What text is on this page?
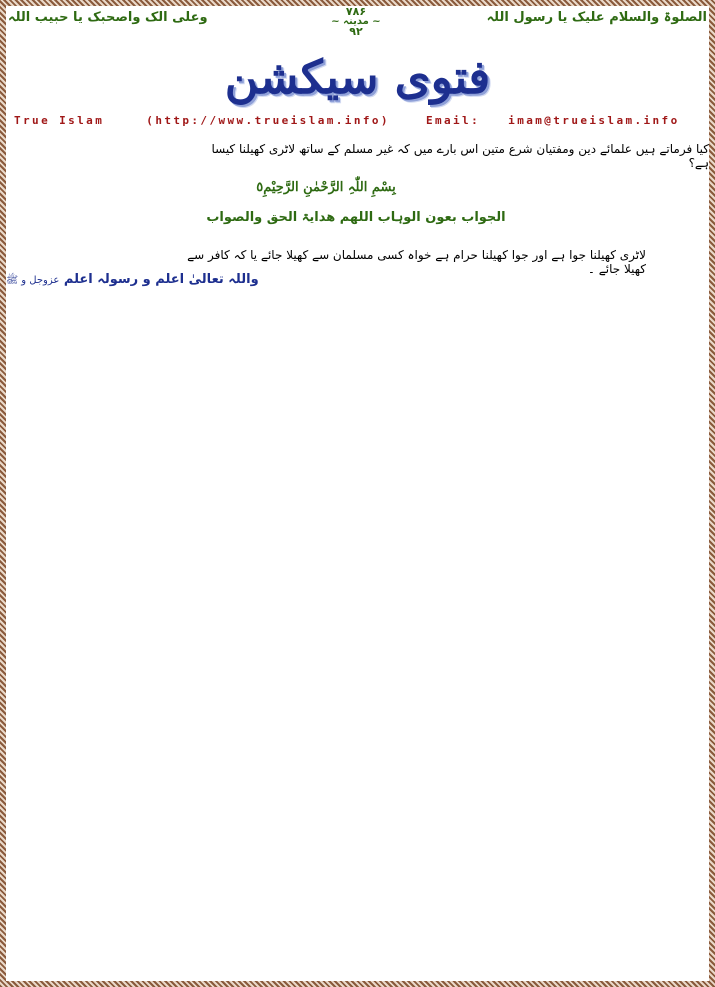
الصلوۃ والسلام علیک یا رسول اللہ
۷۸۶
~ مدینہ ~
۹۲
وعلی الک واصحبک یا حبیب اللہ
فتوی سیکشن
True Islam	(http://www.trueislam.info)	Email:	imam@trueislam.info
کیا فرماتے ہیں علمائے دین ومفتیان شرع متین اس بارے میں کہ غیر مسلم کے ساتھ لاٹری کھیلنا کیسا ہے؟
بِسْمِ اللّٰہِ الرَّحْمٰنِ الرَّحِیْمِ٥
الجواب بعون الوہاب اللھم ھدایۃ الحق والصواب
لاٹری کھیلنا جوا ہے اور جوا کھیلنا حرام ہے خواہ کسی مسلمان سے کھیلا جائے یا کہ کافر سے کھیلا جائے ۔
واللہ تعالیٰ اعلم و رسولہ اعلم عزوجل و ﷺ
